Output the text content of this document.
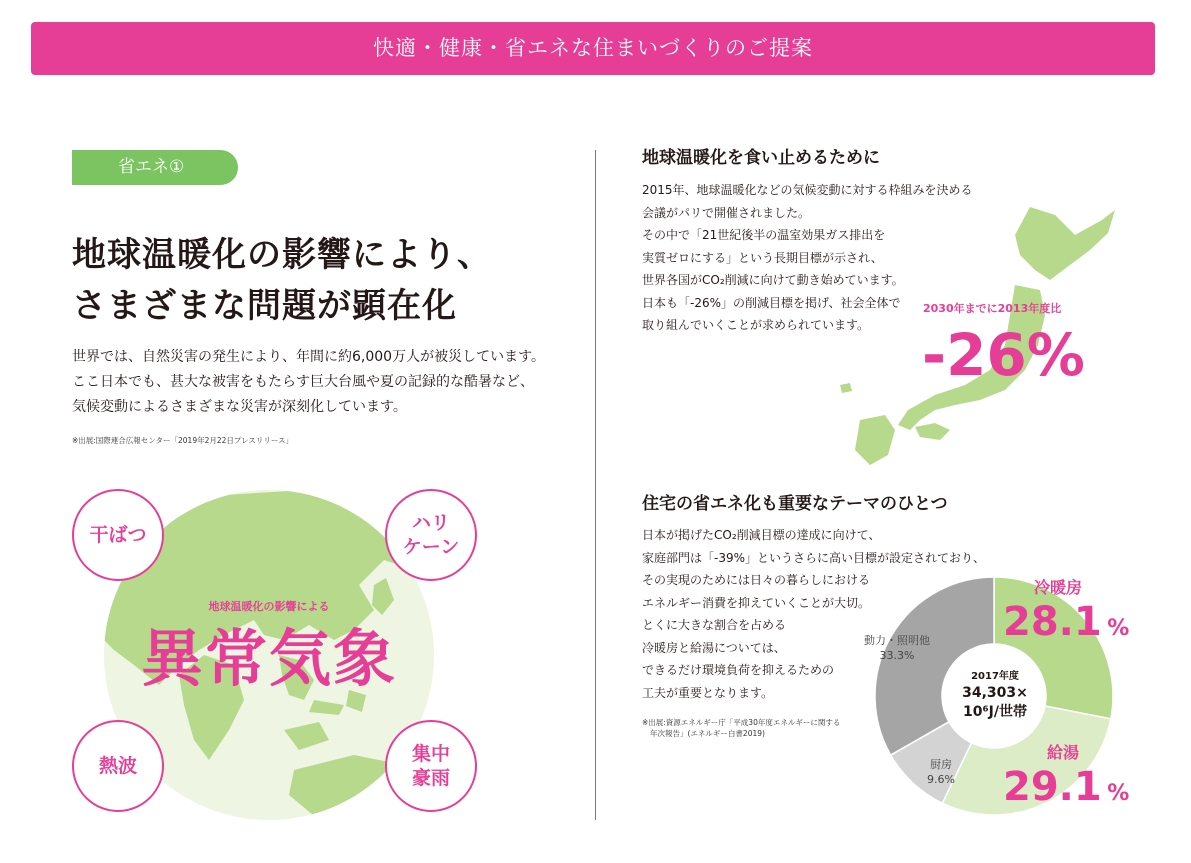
快適・健康・省エネな住まいづくりのご提案
省エネ①
地球温暖化の影響により、
さまざまな問題が顕在化
世界では、自然災害の発生により、年間に約6,000万人が被災しています。
ここ日本でも、甚大な被害をもたらす巨大台風や夏の記録的な酷暑など、
気候変動によるさまざまな災害が深刻化しています。
※出展:国際連合広報センター「2019年2月22日プレスリリース」
地球温暖化の影響による
異常気象
干ばつ
ハリ
ケーン
熱波
集中
豪雨
地球温暖化を食い止めるために
2015年、地球温暖化などの気候変動に対する枠組みを決める
会議がパリで開催されました。
その中で「21世紀後半の温室効果ガス排出を
実質ゼロにする」という長期目標が示され、
世界各国がCO₂削減に向けて動き始めています。
日本も「-26%」の削減目標を掲げ、社会全体で
取り組んでいくことが求められています。
2030年までに2013年度比
-26%
住宅の省エネ化も重要なテーマのひとつ
日本が掲げたCO₂削減目標の達成に向けて、
家庭部門は「-39%」というさらに高い目標が設定されており、
その実現のためには日々の暮らしにおける
エネルギー消費を抑えていくことが大切。
とくに大きな割合を占める
冷暖房と給湯については、
できるだけ環境負荷を抑えるための
工夫が重要となります。
※出展:資源エネルギー庁「平成30年度エネルギーに関する
年次報告」(エネルギー白書2019)
2017年度
34,303×
10⁶J/世帯
動力・照明他
33.3%
厨房
9.6%
冷暖房
28.1 %
給湯
29.1 %
